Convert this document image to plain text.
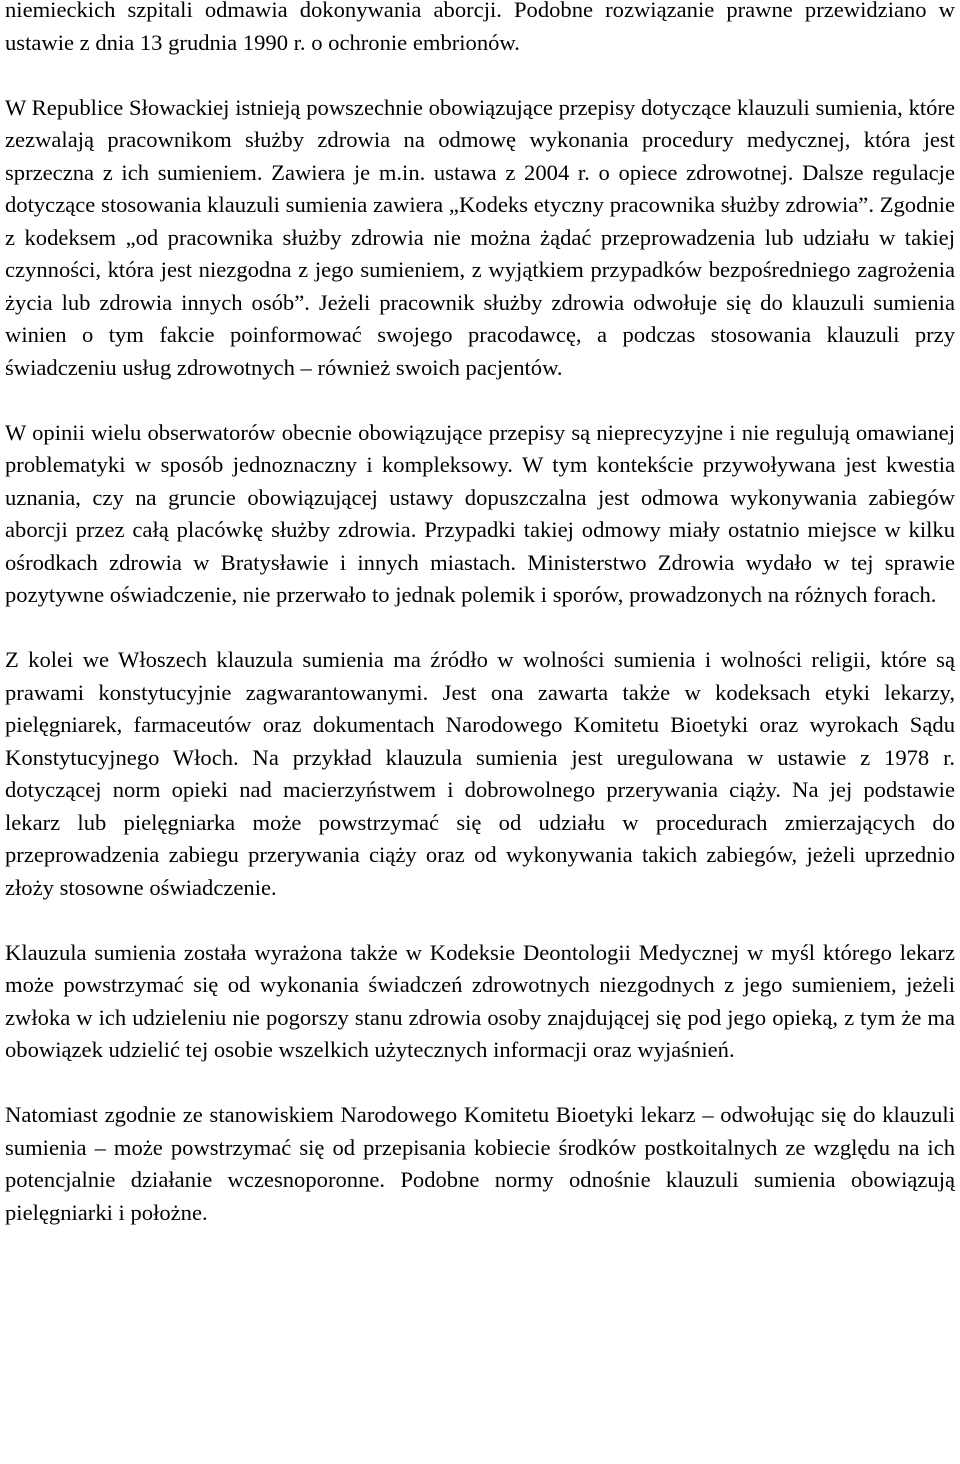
niemieckich szpitali odmawia dokonywania aborcji. Podobne rozwiązanie prawne przewidziano w ustawie z dnia 13 grudnia 1990 r. o ochronie embrionów.

W Republice Słowackiej istnieją powszechnie obowiązujące przepisy dotyczące klauzuli sumienia, które zezwalają pracownikom służby zdrowia na odmowę wykonania procedury medycznej, która jest sprzeczna z ich sumieniem. Zawiera je m.in. ustawa z 2004 r. o opiece zdrowotnej. Dalsze regulacje dotyczące stosowania klauzuli sumienia zawiera „Kodeks etyczny pracownika służby zdrowia”. Zgodnie z kodeksem „od pracownika służby zdrowia nie można żądać przeprowadzenia lub udziału w takiej czynności, która jest niezgodna z jego sumieniem, z wyjątkiem przypadków bezpośredniego zagrożenia życia lub zdrowia innych osób”. Jeżeli pracownik służby zdrowia odwołuje się do klauzuli sumienia winien o tym fakcie poinformować swojego pracodawcę, a podczas stosowania klauzuli przy świadczeniu usług zdrowotnych – również swoich pacjentów.

W opinii wielu obserwatorów obecnie obowiązujące przepisy są nieprecyzyjne i nie regulują omawianej problematyki w sposób jednoznaczny i kompleksowy. W tym kontekście przywoływana jest kwestia uznania, czy na gruncie obowiązującej ustawy dopuszczalna jest odmowa wykonywania zabiegów aborcji przez całą placówkę służby zdrowia. Przypadki takiej odmowy miały ostatnio miejsce w kilku ośrodkach zdrowia w Bratysławie i innych miastach. Ministerstwo Zdrowia wydało w tej sprawie pozytywne oświadczenie, nie przerwało to jednak polemik i sporów, prowadzonych na różnych forach.

Z kolei we Włoszech klauzula sumienia ma źródło w wolności sumienia i wolności religii, które są prawami konstytucyjnie zagwarantowanymi. Jest ona zawarta także w kodeksach etyki lekarzy, pielęgniarek, farmaceutów oraz dokumentach Narodowego Komitetu Bioetyki oraz wyrokach Sądu Konstytucyjnego Włoch. Na przykład klauzula sumienia jest uregulowana w ustawie z 1978 r. dotyczącej norm opieki nad macierzyństwem i dobrowolnego przerywania ciąży. Na jej podstawie lekarz lub pielęgniarka może powstrzymać się od udziału w procedurach zmierzających do przeprowadzenia zabiegu przerywania ciąży oraz od wykonywania takich zabiegów, jeżeli uprzednio złoży stosowne oświadczenie.

Klauzula sumienia została wyrażona także w Kodeksie Deontologii Medycznej w myśl którego lekarz może powstrzymać się od wykonania świadczeń zdrowotnych niezgodnych z jego sumieniem, jeżeli zwłoka w ich udzieleniu nie pogorszy stanu zdrowia osoby znajdującej się pod jego opieką, z tym że ma obowiązek udzielić tej osobie wszelkich użytecznych informacji oraz wyjaśnień.

Natomiast zgodnie ze stanowiskiem Narodowego Komitetu Bioetyki lekarz – odwołując się do klauzuli sumienia – może powstrzymać się od przepisania kobiecie środków postkoitalnych ze względu na ich potencjalnie działanie wczesnoporonne. Podobne normy odnośnie klauzuli sumienia obowiązują pielęgniarki i położne.
